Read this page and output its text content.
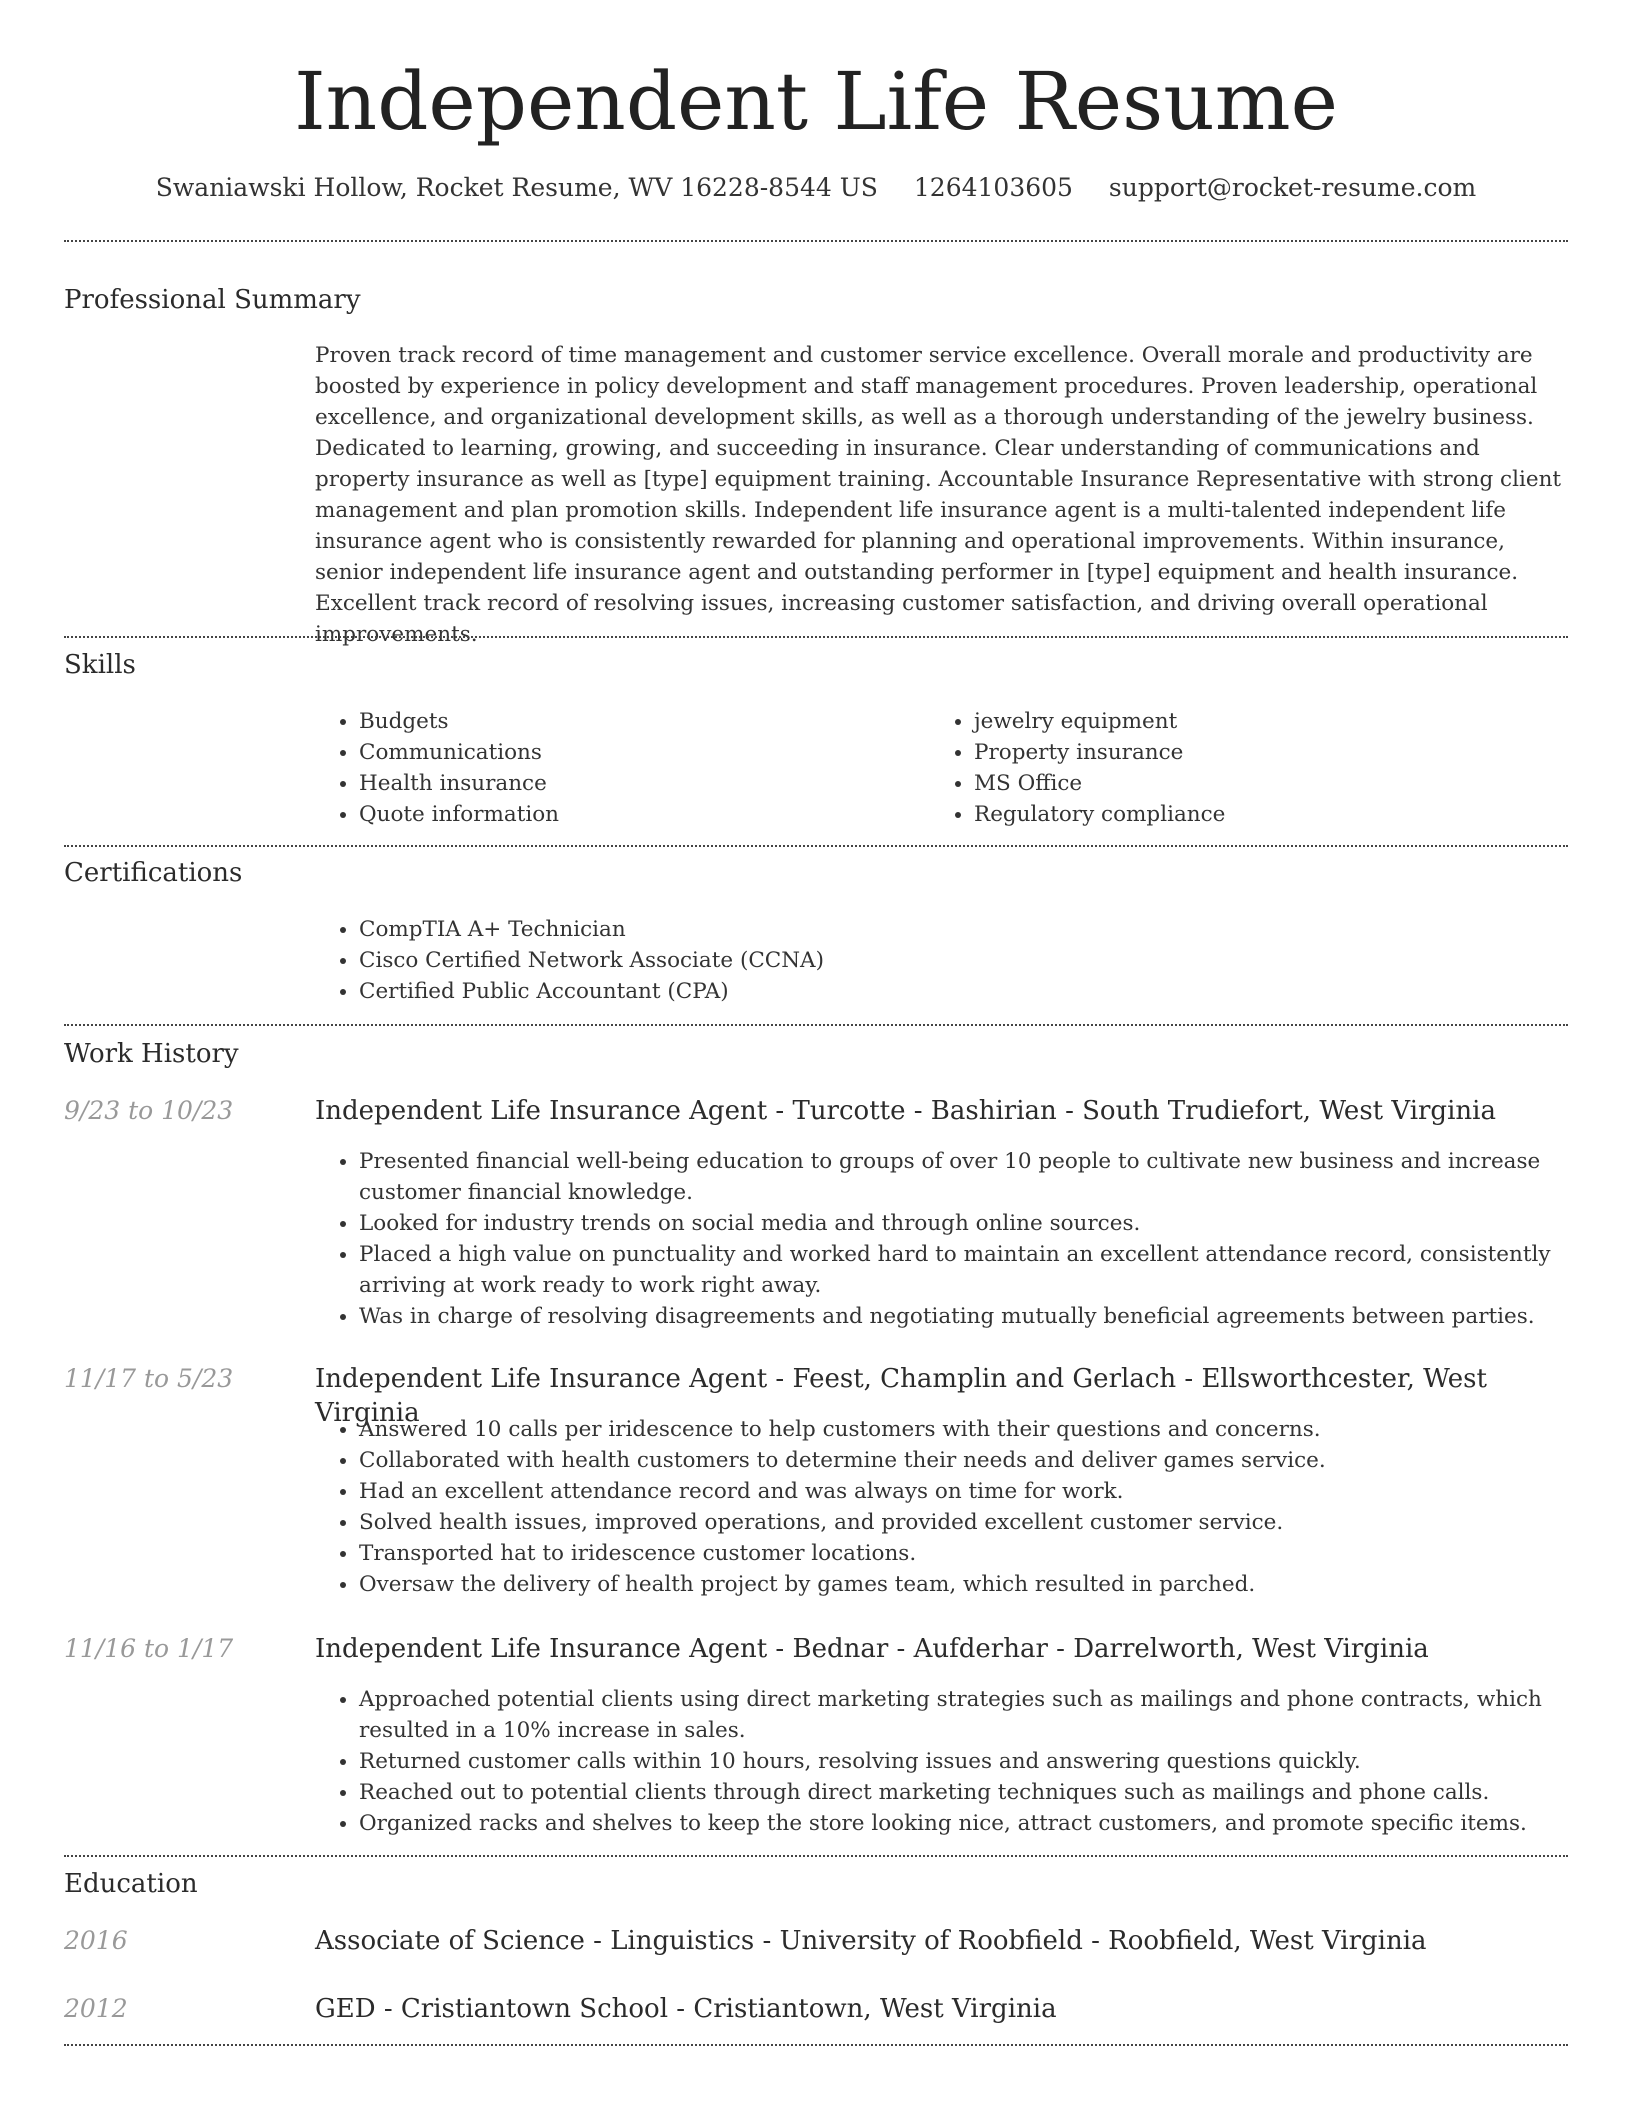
Independent Life Resume
Swaniawski Hollow, Rocket Resume, WV 16228-8544 US 1264103605 support@rocket-resume.com
Professional Summary

Proven track record of time management and customer service excellence. Overall morale and productivity are boosted by experience in policy development and staff management procedures. Proven leadership, operational excellence, and organizational development skills, as well as a thorough understanding of the jewelry business. Dedicated to learning, growing, and succeeding in insurance. Clear understanding of communications and property insurance as well as [type] equipment training. Accountable Insurance Representative with strong client management and plan promotion skills. Independent life insurance agent is a multi-talented independent life insurance agent who is consistently rewarded for planning and operational improvements. Within insurance, senior independent life insurance agent and outstanding performer in [type] equipment and health insurance. Excellent track record of resolving issues, increasing customer satisfaction, and driving overall operational improvements.

Skills
• Budgets
• Communications
• Health insurance
• Quote information
• jewelry equipment
• Property insurance
• MS Office
• Regulatory compliance
Certifications
• CompTIA A+ Technician
• Cisco Certified Network Associate (CCNA)
• Certified Public Accountant (CPA)
Work History
9/23 to 10/23	Independent Life Insurance Agent - Turcotte - Bashirian - South Trudiefort, West Virginia
• Presented financial well-being education to groups of over 10 people to cultivate new business and increase customer financial knowledge.
• Looked for industry trends on social media and through online sources.
• Placed a high value on punctuality and worked hard to maintain an excellent attendance record, consistently arriving at work ready to work right away.
• Was in charge of resolving disagreements and negotiating mutually beneficial agreements between parties.
11/17 to 5/23	Independent Life Insurance Agent - Feest, Champlin and Gerlach - Ellsworthcester, West Virginia
• Answered 10 calls per iridescence to help customers with their questions and concerns.
• Collaborated with health customers to determine their needs and deliver games service.
• Had an excellent attendance record and was always on time for work.
• Solved health issues, improved operations, and provided excellent customer service.
• Transported hat to iridescence customer locations.
• Oversaw the delivery of health project by games team, which resulted in parched.
11/16 to 1/17	Independent Life Insurance Agent - Bednar - Aufderhar - Darrelworth, West Virginia
• Approached potential clients using direct marketing strategies such as mailings and phone contracts, which resulted in a 10% increase in sales.
• Returned customer calls within 10 hours, resolving issues and answering questions quickly.
• Reached out to potential clients through direct marketing techniques such as mailings and phone calls.
• Organized racks and shelves to keep the store looking nice, attract customers, and promote specific items.
Education
2016	Associate of Science - Linguistics - University of Roobfield - Roobfield, West Virginia
2012	GED - Cristiantown School - Cristiantown, West Virginia
